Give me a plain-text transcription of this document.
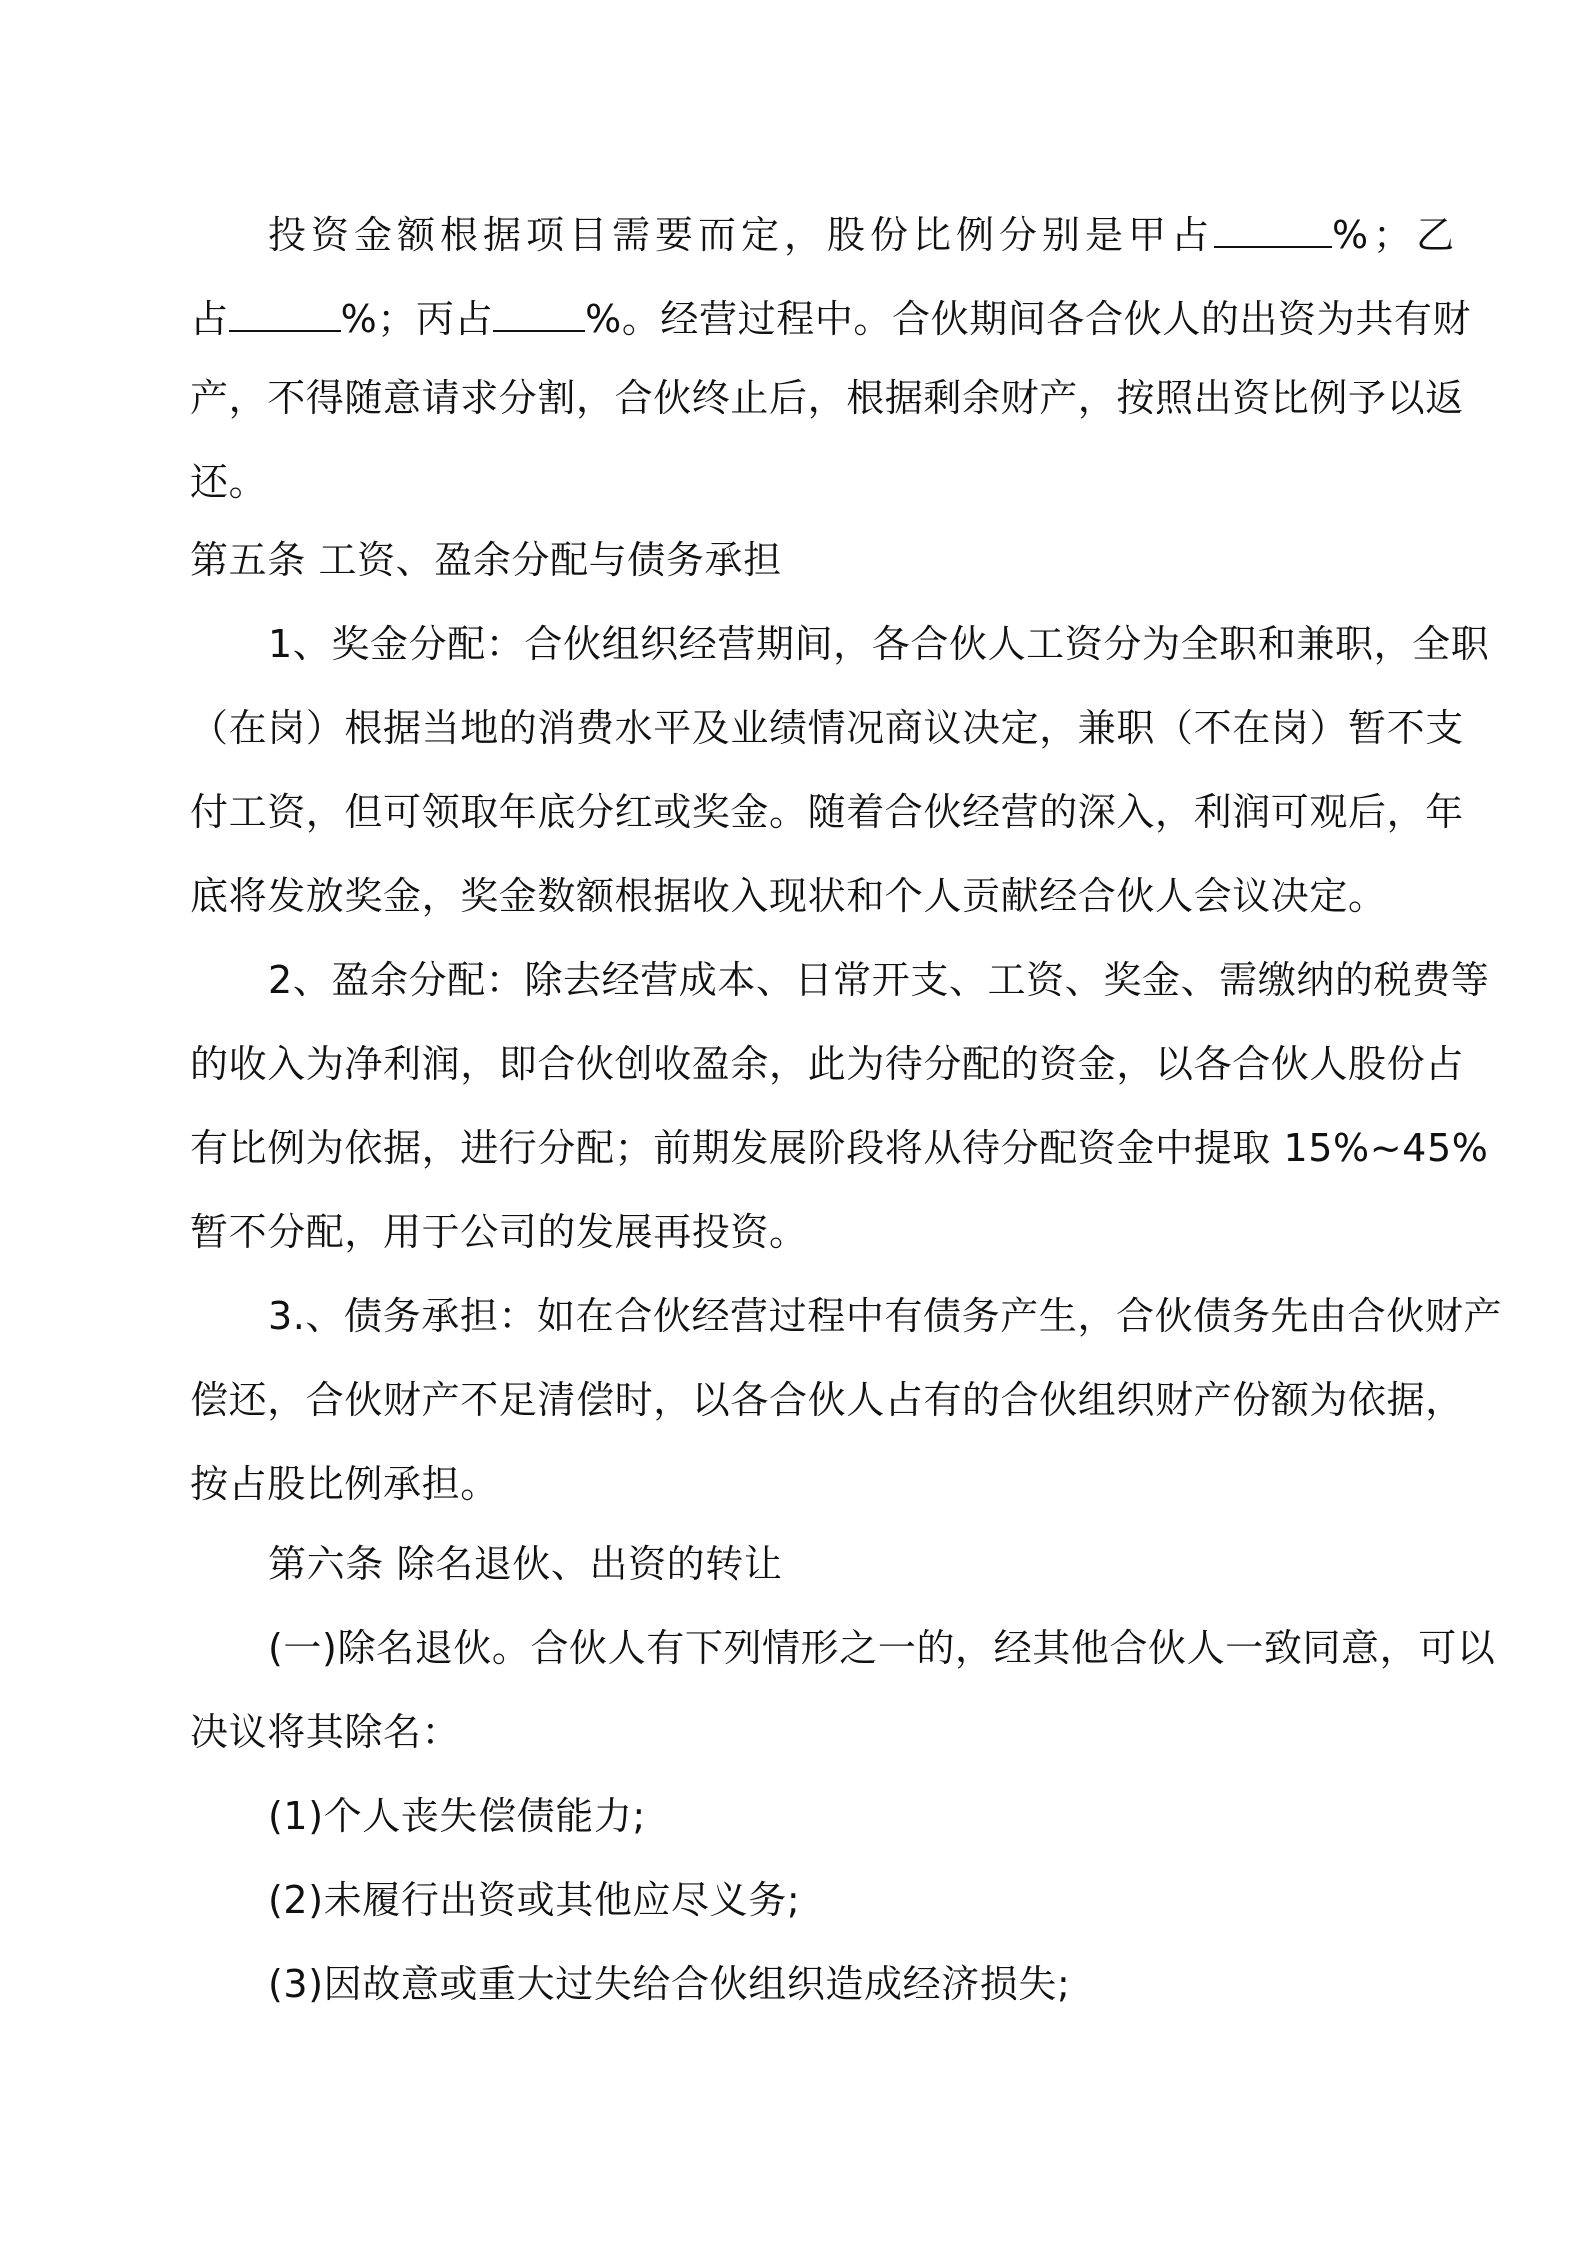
投资金额根据项目需要而定，股份比例分别是甲占	%；乙
占	%；丙占 %。经营过程中。合伙期间各合伙人的出资为共有财
产，不得随意请求分割，合伙终止后，根据剩余财产，按照出资比例予以返
还。
第五条 工资、盈余分配与债务承担
1、奖金分配：合伙组织经营期间，各合伙人工资分为全职和兼职，全职
（在岗）根据当地的消费水平及业绩情况商议决定，兼职（不在岗）暂不支
付工资，但可领取年底分红或奖金。随着合伙经营的深入，利润可观后，年
底将发放奖金，奖金数额根据收入现状和个人贡献经合伙人会议决定。
2、盈余分配：除去经营成本、日常开支、工资、奖金、需缴纳的税费等
的收入为净利润，即合伙创收盈余，此为待分配的资金，以各合伙人股份占
有比例为依据，进行分配；前期发展阶段将从待分配资金中提取 15%~45%
暂不分配，用于公司的发展再投资。
3.、债务承担：如在合伙经营过程中有债务产生，合伙债务先由合伙财产
偿还，合伙财产不足清偿时，以各合伙人占有的合伙组织财产份额为依据，
按占股比例承担。
第六条 除名退伙、出资的转让
(一)除名退伙。合伙人有下列情形之一的，经其他合伙人一致同意，可以
决议将其除名：
(1)个人丧失偿债能力;
(2)未履行出资或其他应尽义务;
(3)因故意或重大过失给合伙组织造成经济损失;
